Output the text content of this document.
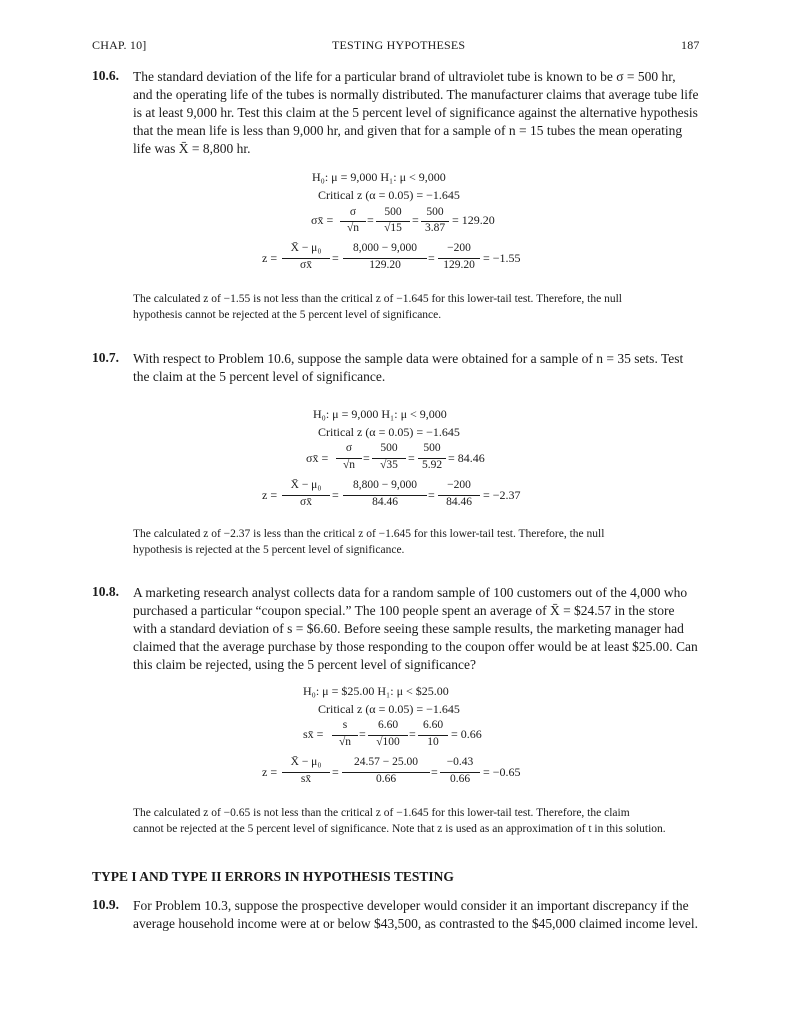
CHAP. 10]	TESTING HYPOTHESES	187
10.6. The standard deviation of the life for a particular brand of ultraviolet tube is known to be σ = 500 hr,
and the operating life of the tubes is normally distributed. The manufacturer claims that average tube life
is at least 9,000 hr. Test this claim at the 5 percent level of significance against the alternative hypothesis
that the mean life is less than 9,000 hr, and given that for a sample of n = 15 tubes the mean operating
life was X̄ = 8,800 hr.
H₀: μ = 9,000 H₁: μ < 9,000
Critical z (α = 0.05) = −1.645
σx̄ =
σ
√n
=
500
√15
=
500
3.87
= 129.20
z =
X̄ − μ₀
σx̄	=
8,000 − 9,000
129.20	=
−200
129.20 = −1.55
The calculated z of −1.55 is not less than the critical z of −1.645 for this lower-tail test. Therefore, the null
hypothesis cannot be rejected at the 5 percent level of significance.
10.7. With respect to Problem 10.6, suppose the sample data were obtained for a sample of n = 35 sets. Test
the claim at the 5 percent level of significance.
H₀: μ = 9,000 H₁: μ < 9,000
Critical z (α = 0.05) = −1.645
σx̄ =
σ
√n =
500
√35 =
500
5.92 = 84.46
z =
X̄ − μ₀
σx̄	=
8,800 − 9,000
84.46	=
−200
84.46 = −2.37
The calculated z of −2.37 is less than the critical z of −1.645 for this lower-tail test. Therefore, the null
hypothesis is rejected at the 5 percent level of significance.
10.8. A marketing research analyst collects data for a random sample of 100 customers out of the 4,000 who
purchased a particular “coupon special.” The 100 people spent an average of X̄ = $24.57 in the store
with a standard deviation of s = $6.60. Before seeing these sample results, the marketing manager had
claimed that the average purchase by those responding to the coupon offer would be at least $25.00. Can
this claim be rejected, using the 5 percent level of significance?
H₀: μ = $25.00 H₁: μ < $25.00
Critical z (α = 0.05) = −1.645
sx̄ =
s
√n
=
6.60
√100
=
6.60
10
= 0.66
z =
X̄ − μ₀
sx̄	=
24.57 − 25.00
0.66	=
−0.43
0.66	= −0.65
The calculated z of −0.65 is not less than the critical z of −1.645 for this lower-tail test. Therefore, the claim
cannot be rejected at the 5 percent level of significance. Note that z is used as an approximation of t in this solution.
TYPE I AND TYPE II ERRORS IN HYPOTHESIS TESTING
10.9. For Problem 10.3, suppose the prospective developer would consider it an important discrepancy if the
average household income were at or below $43,500, as contrasted to the $45,000 claimed income level.
